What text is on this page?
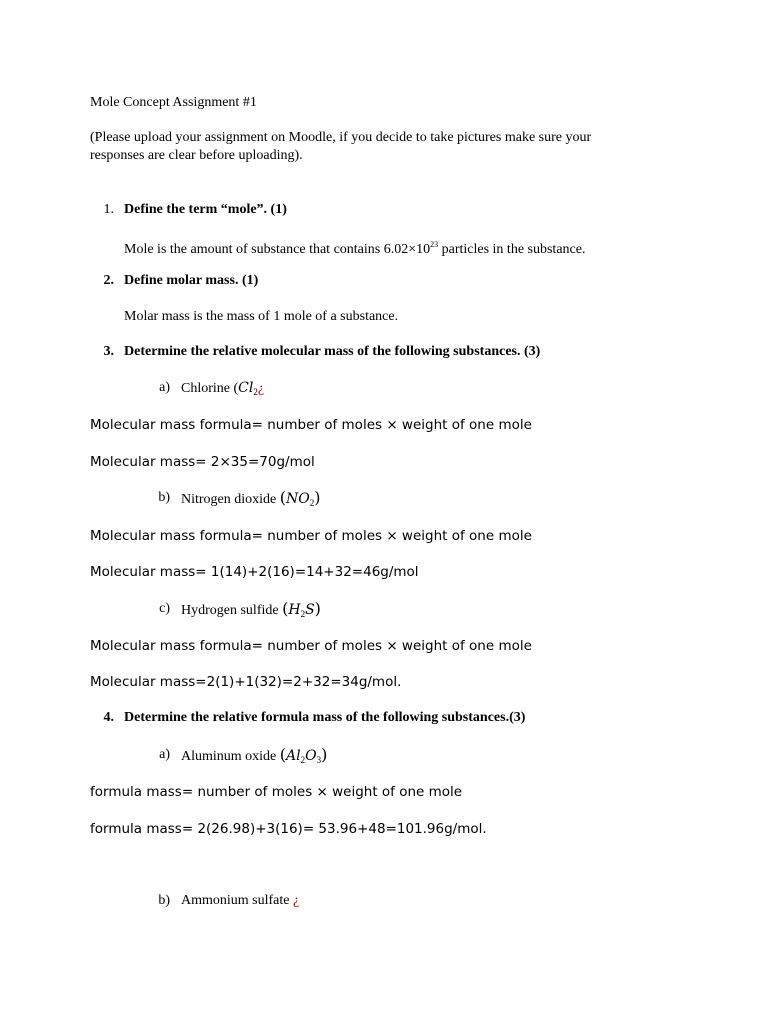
Mole Concept Assignment #1
(Please upload your assignment on Moodle, if you decide to take pictures make sure your
responses are clear before uploading).
1. Define the term “mole”. (1)
Mole is the amount of substance that contains $6.02\times 10^{23}$ particles in the substance.
2. Define molar mass. (1)
Molar mass is the mass of 1 mole of a substance.
3. Determine the relative molecular mass of the following substances. (3)
a) Chlorine ($Cl_2¿$
Molecular mass formula= number of moles × weight of one mole
Molecular mass= 2×35=70g/mol
b) Nitrogen dioxide $(NO_2)$
Molecular mass formula= number of moles × weight of one mole
Molecular mass= 1(14)+2(16)=14+32=46g/mol
c) Hydrogen sulfide $(H_2S)$
Molecular mass formula= number of moles × weight of one mole
Molecular mass=2(1)+1(32)=2+32=34g/mol.
4. Determine the relative formula mass of the following substances.(3)
a) Aluminum oxide $(Al_2O_3)$
formula mass= number of moles × weight of one mole
formula mass= 2(26.98)+3(16)= 53.96+48=101.96g/mol.
b) Ammonium sulfate ¿
